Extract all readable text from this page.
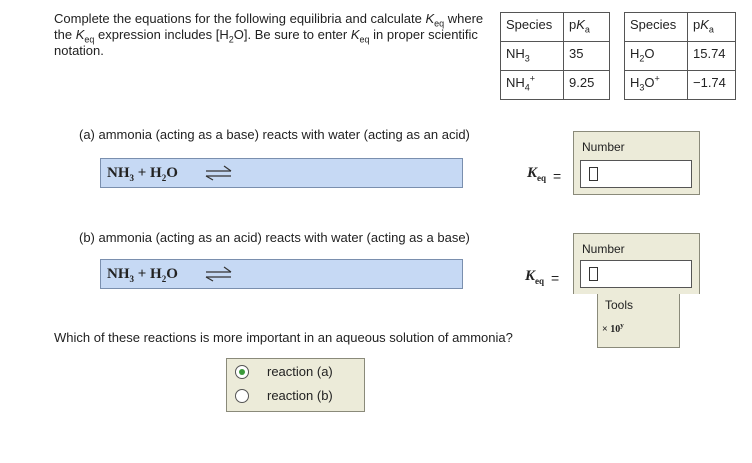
Complete the equations for the following equilibria and calculate $K_{eq}$ where the $K_{eq}$ expression includes $[H_2O]$. Be sure to enter $K_{eq}$ in proper scientific notation.
Species	$pK_a$
$NH_3$	35
$NH_4^+$	9.25
Species	$pK_a$
$H_2O$	15.74
$H_3O^+$	−1.74
(a) ammonia (acting as a base) reacts with water (acting as an acid)
$NH_3 + H_2O$	$K_{eq}$ =
Number
(b) ammonia (acting as an acid) reacts with water (acting as a base)
$NH_3 + H_2O$	$K_{eq}$ =
Number
Tools
× $10^y$
Which of these reactions is more important in an aqueous solution of ammonia?
reaction (a)
reaction (b)
